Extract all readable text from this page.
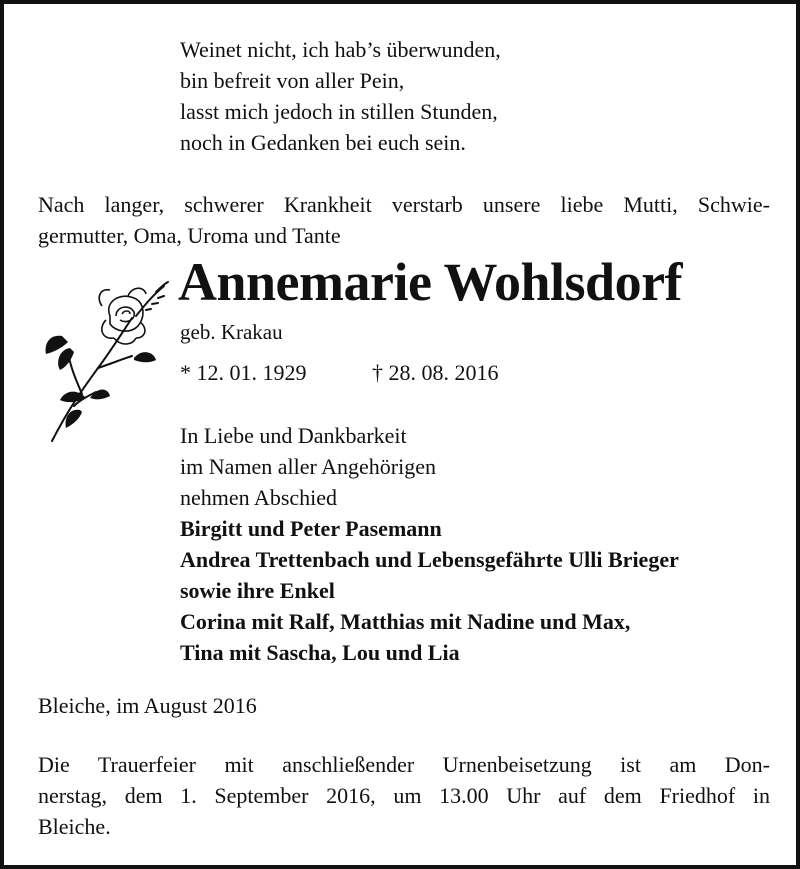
Weinet nicht, ich hab’s überwunden,
bin befreit von aller Pein,
lasst mich jedoch in stillen Stunden,
noch in Gedanken bei euch sein.
Nach langer, schwerer Krankheit verstarb unsere liebe Mutti, Schwie-
germutter, Oma, Uroma und Tante
Annemarie Wohlsdorf
geb. Krakau
* 12. 01. 1929	† 28. 08. 2016
In Liebe und Dankbarkeit
im Namen aller Angehörigen
nehmen Abschied
Birgitt und Peter Pasemann
Andrea Trettenbach und Lebensgefährte Ulli Brieger
sowie ihre Enkel
Corina mit Ralf, Matthias mit Nadine und Max,
Tina mit Sascha, Lou und Lia
Bleiche, im August 2016
Die Trauerfeier mit anschließender Urnenbeisetzung ist am Don-
nerstag, dem 1. September 2016, um 13.00 Uhr auf dem Friedhof in
Bleiche.
